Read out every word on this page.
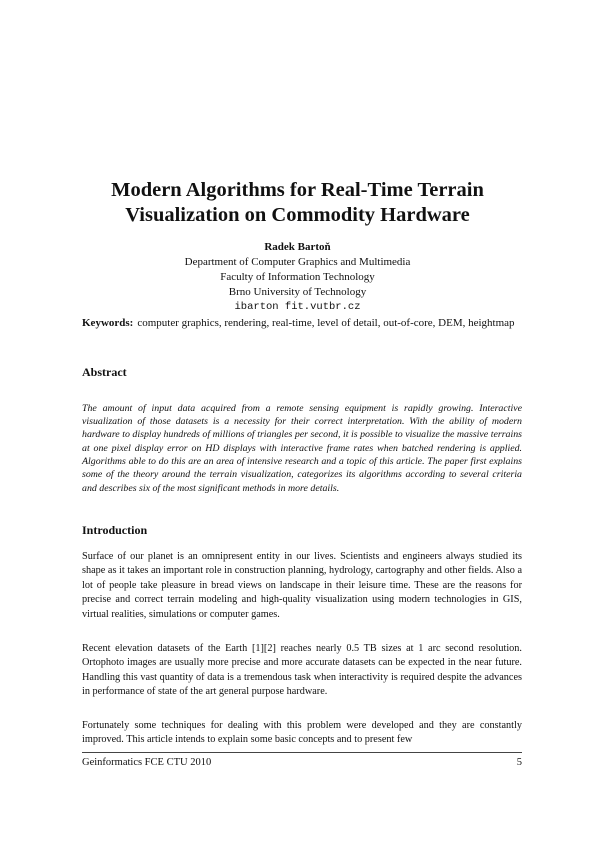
Modern Algorithms for Real-Time Terrain
Visualization on Commodity Hardware
Radek Bartoň
Department of Computer Graphics and Multimedia
Faculty of Information Technology
Brno University of Technology
ibarton fit.vutbr.cz
Keywords: computer graphics, rendering, real-time, level of detail, out-of-core, DEM, heightmap
Abstract

The amount of input data acquired from a remote sensing equipment is rapidly growing. Interactive visualization of those datasets is a necessity for their correct interpretation. With the ability of modern hardware to display hundreds of millions of triangles per second, it is possible to visualize the massive terrains at one pixel display error on HD displays with interactive frame rates when batched rendering is applied. Algorithms able to do this are an area of intensive research and a topic of this article. The paper first explains some of the theory around the terrain visualization, categorizes its algorithms according to several criteria and describes six of the most significant methods in more details.

Introduction

Surface of our planet is an omnipresent entity in our lives. Scientists and engineers always studied its shape as it takes an important role in construction planning, hydrology, cartography and other fields. Also a lot of people take pleasure in bread views on landscape in their leisure time. These are the reasons for precise and correct terrain modeling and high-quality visualization using modern technologies in GIS, virtual realities, simulations or computer games.

Recent elevation datasets of the Earth [1][2] reaches nearly 0.5 TB sizes at 1 arc second resolution. Ortophoto images are usually more precise and more accurate datasets can be expected in the near future. Handling this vast quantity of data is a tremendous task when interactivity is required despite the advances in performance of state of the art general purpose hardware.

Fortunately some techniques for dealing with this problem were developed and they are constantly improved. This article intends to explain some basic concepts and to present few

Geinformatics FCE CTU 2010	5
